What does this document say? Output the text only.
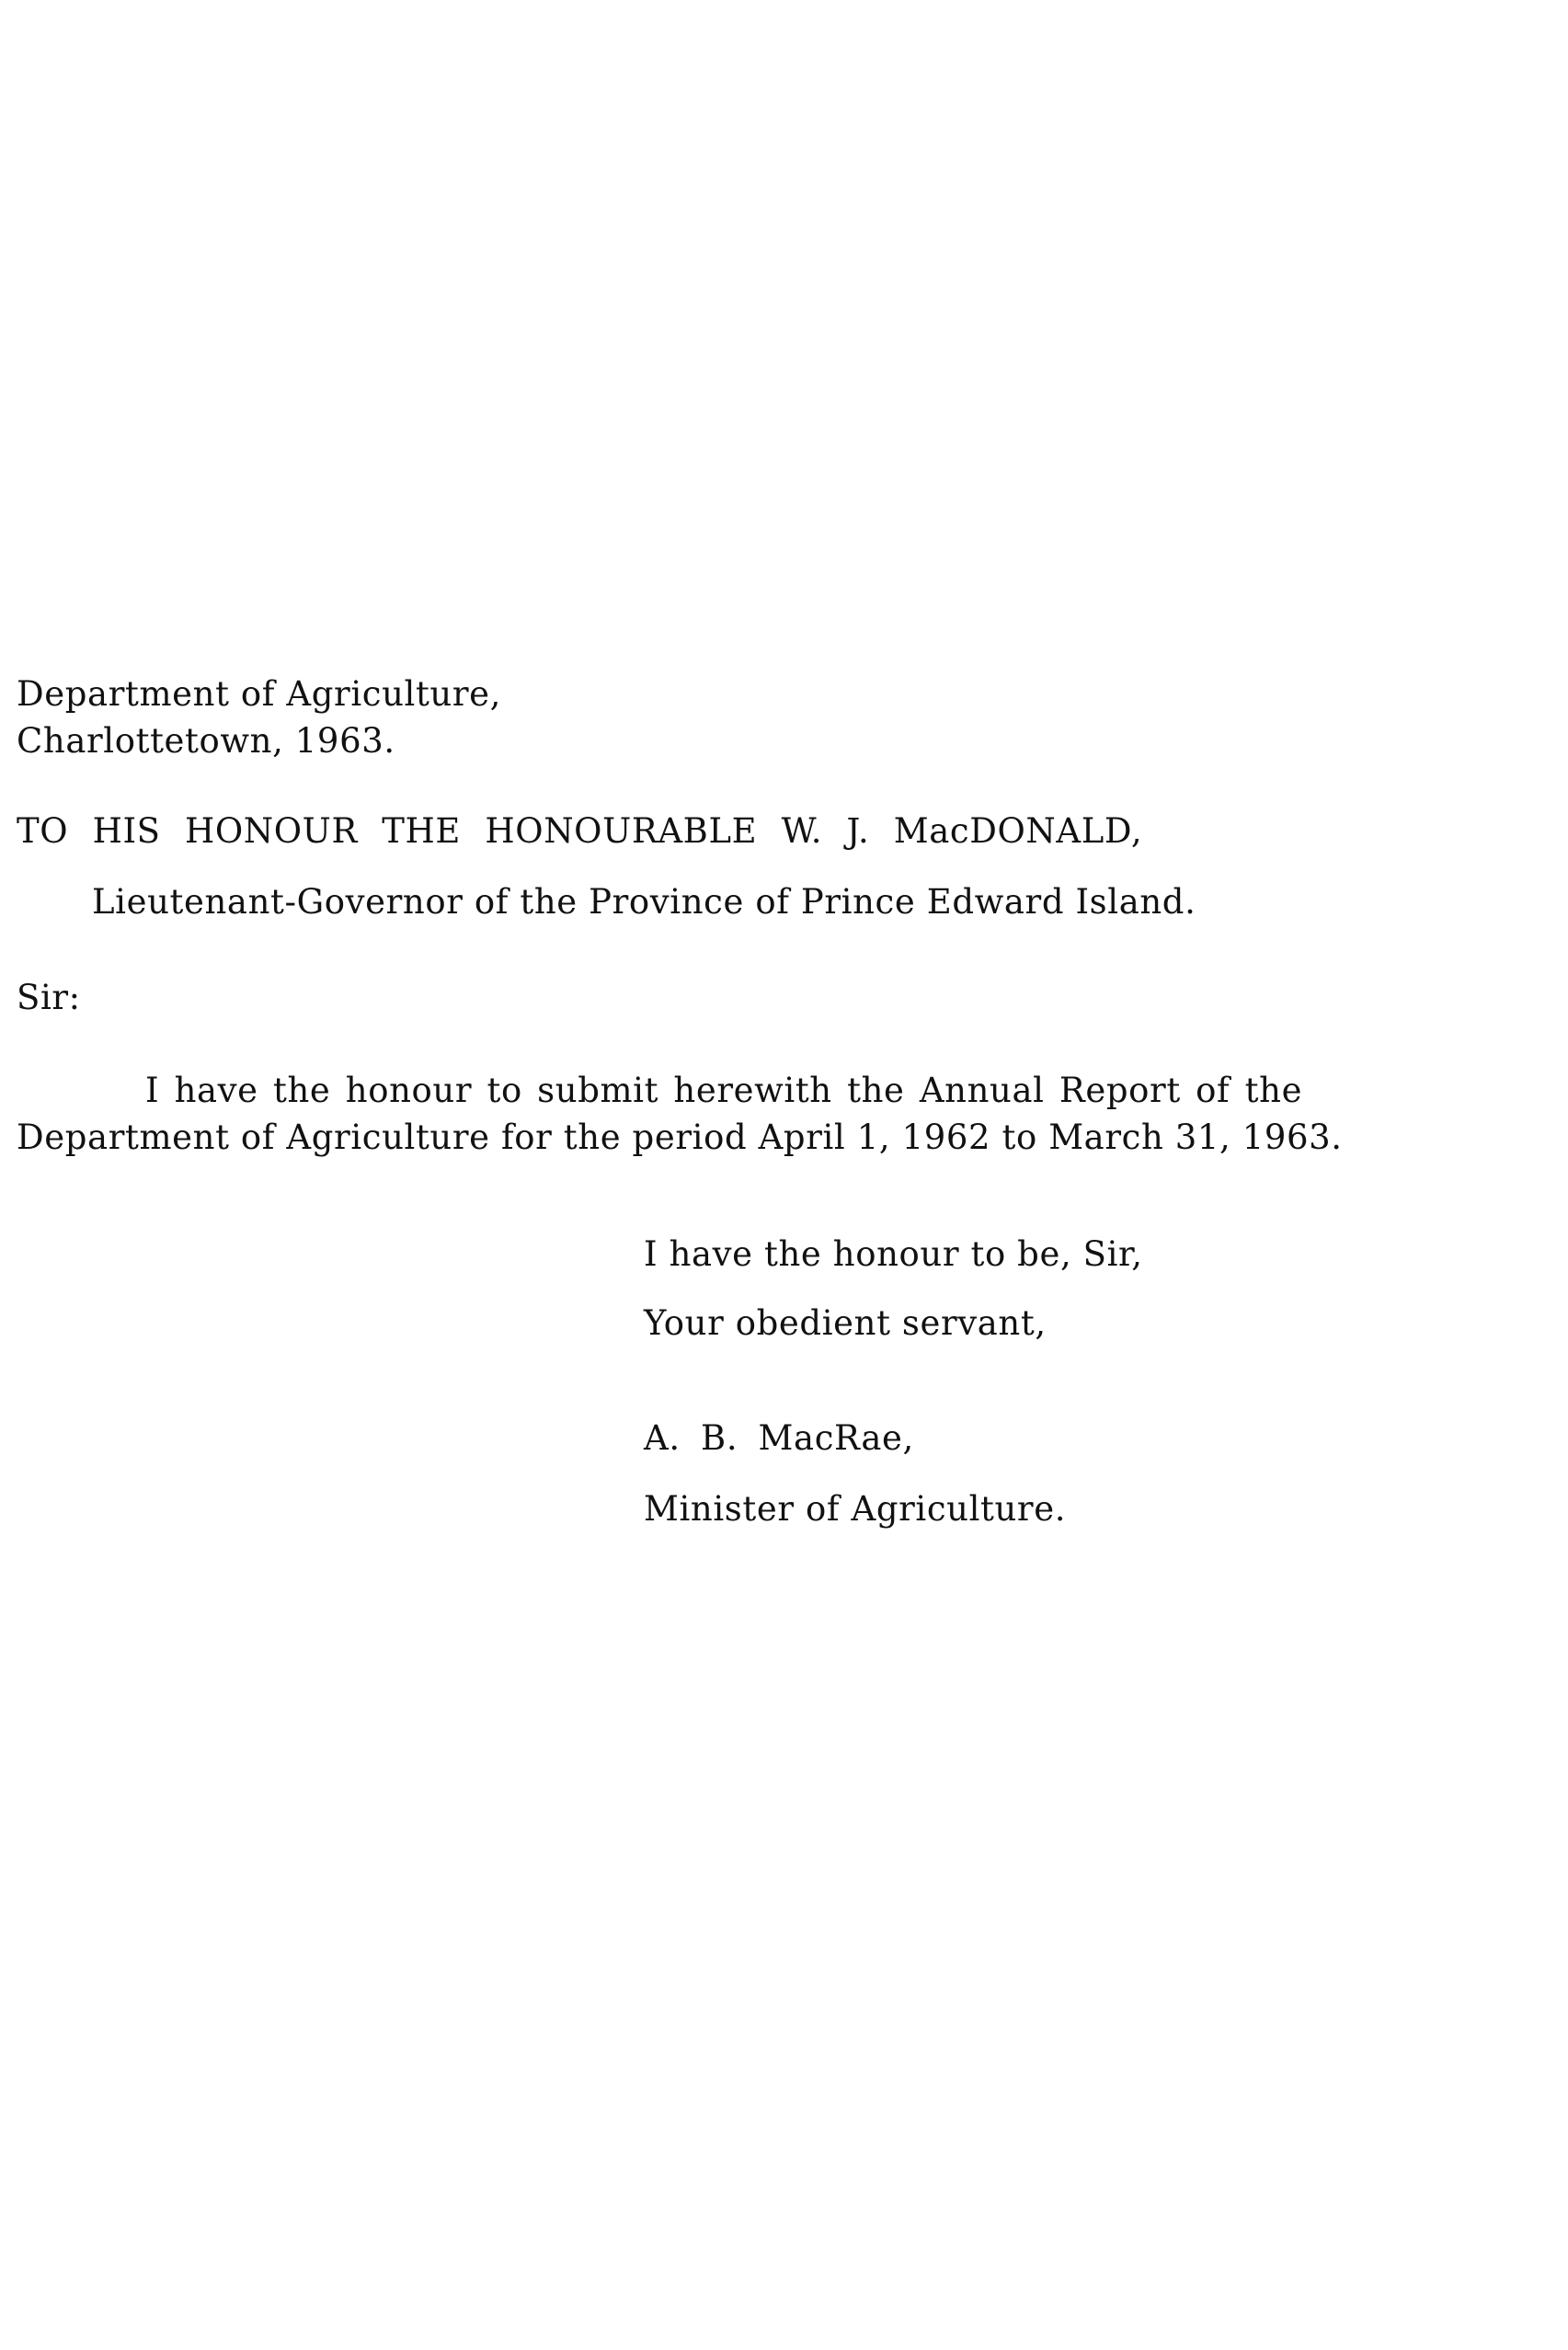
Department of Agriculture,
Charlottetown, 1963.
TO HIS HONOUR THE HONOURABLE W. J. MacDONALD,
Lieutenant-Governor of the Province of Prince Edward Island.
Sir:
I have the honour to submit herewith the Annual Report of the
Department of Agriculture for the period April 1, 1962 to March 31, 1963.
I have the honour to be, Sir,
Your obedient servant,
A. B. MacRae,
Minister of Agriculture.
